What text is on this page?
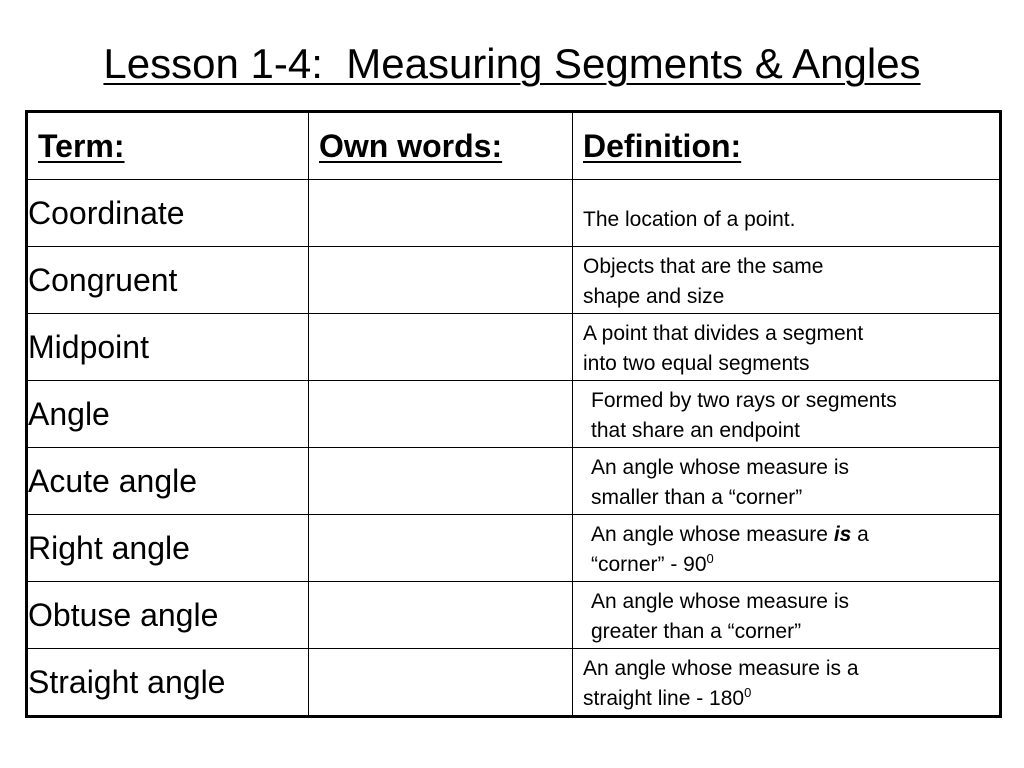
Lesson 1-4:  Measuring Segments & Angles
Term:	Own words:	Definition:
Coordinate		The location of a point.

Congruent		Objects that are the same
shape and size

Midpoint		A point that divides a segment
into two equal segments

Angle		Formed by two rays or segments
that share an endpoint

Acute angle		An angle whose measure is
smaller than a “corner”

Right angle		An angle whose measure is a
“corner” - $90^0$

Obtuse angle		An angle whose measure is
greater than a “corner”

Straight angle		An angle whose measure is a
straight line - $180^0$
